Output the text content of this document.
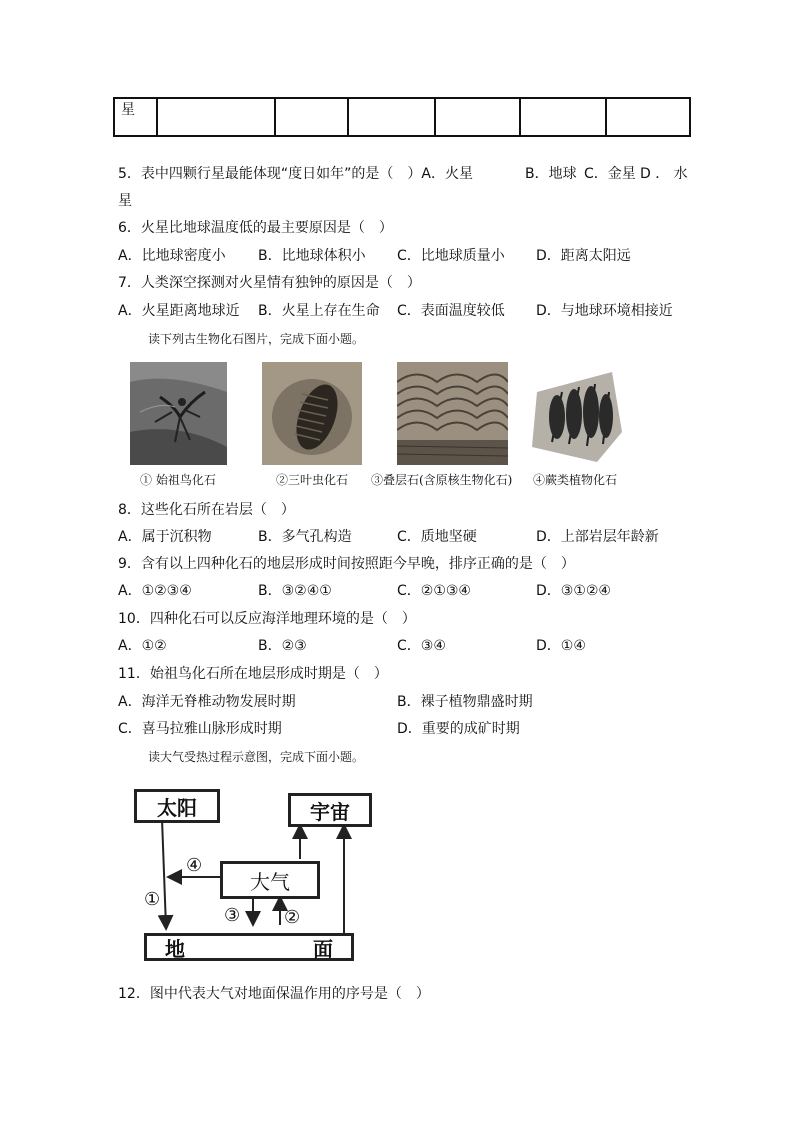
星						
5．表中四颗行星最能体现“度日如年”的是（　）A．火星	B．地球 C．金星 D ． 水
星
6．火星比地球温度低的最主要原因是（　）
A．比地球密度小 B．比地球体积小 C．比地球质量小 D．距离太阳远
7．人类深空探测对火星情有独钟的原因是（　）
A．火星距离地球近 B．火星上存在生命 C．表面温度较低 D．与地球环境相接近
读下列古生物化石图片，完成下面小题。
① 始祖鸟化石	②三叶虫化石 ③叠层石(含原核生物化石) ④蕨类植物化石
8．这些化石所在岩层（　）
A．属于沉积物	B．多气孔构造	C．质地坚硬	D．上部岩层年龄新
9．含有以上四种化石的地层形成时间按照距今早晚，排序正确的是（　）
A．①②③④	B．③②④①	C．②①③④	D．③①②④
10．四种化石可以反应海洋地理环境的是（　）
A．①②	B．②③	C．③④	D．①④
11．始祖鸟化石所在地层形成时期是（　）
A．海洋无脊椎动物发展时期	B．裸子植物鼎盛时期
C．喜马拉雅山脉形成时期	D．重要的成矿时期
读大气受热过程示意图，完成下面小题。
太阳	宇宙
大气
地	面
④
①
③ ②
12．图中代表大气对地面保温作用的序号是（　）
